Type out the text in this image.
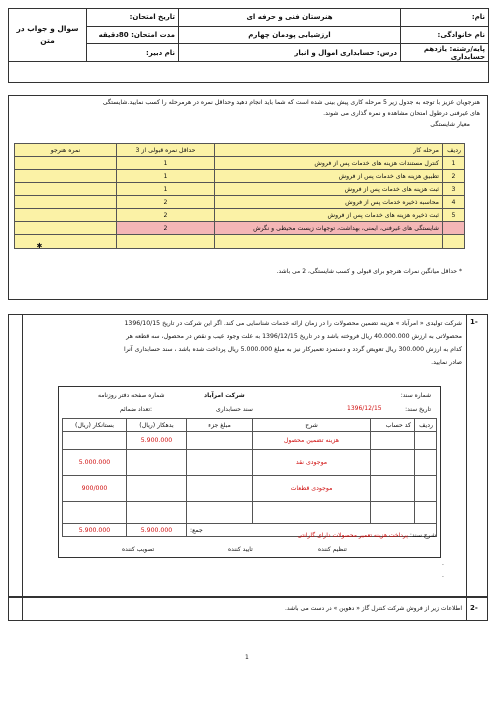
نام:	هنرستان فنی و حرفه ای	تاریخ امتحان:	سوال و جواب در متن
نام خانوادگی:	ارزشیابی پودمان چهارم	مدت امتحان: 80دقیقه	
پایه/رشته: یازدهم حسابداری	درس: حسابداری اموال و انبار	نام دبیر:	

هنرجویان عزیز با توجه به جدول زیر 5 مرحله کاری پیش بینی شده است که شما باید انجام دهید وحداقل نمره در هرمرحله را کسب نمایید.شایستگی
های غیرفنی درطول امتحان مشاهده و نمره گذاری می شوند.
معیار شایستگی
ردیف	مرحله کار	حداقل نمره قبولی از 3	نمره هنرجو
1	کنترل مستندات هزینه های خدمات پس از فروش	1	
2	تطبیق هزینه های خدمات پس از فروش	1	
3	ثبت هزینه های خدمات پس از فروش	1	
4	محاسبه ذخیره خدمات پس از فروش	2	
5	ثبت ذخیره هزینه های خدمات پس از فروش	2	
	شایستگی های غیرفنی، ایمنی، بهداشت، توجهات زیست محیطی و نگرش	2	

			✱
* حداقل میانگین نمرات هنرجو برای قبولی و کسب شایستگی، 2 می باشد.
1-
شرکت تولیدی « امرآباد » هزینه تضمین محصولات را در زمان ارائه خدمات شناسایی می کند. اگر این شرکت در تاریخ 1396/10/15
محصولاتی به ارزش 40.000.000 ریال فروخته باشد و در تاریخ 1396/12/15 به علت وجود عیب و نقص در محصول، سه قطعه هر
کدام به ارزش 300.000 ریال تعویض گردد و دستمزد تعمیرکار نیز به مبلغ 5.000.000 ریال پرداخت شده باشد ، سند حسابداری آنرا
صادر نمایید.
شرکت امرآباد	شماره سند:
شماره صفحه دفتر روزنامه
سند حسابداری	تاریخ سند:
1396/12/15
تعداد ضمائم:
ردیف	کد حساب	شرح	مبلغ جزء	بدهکار (ریال)	بستانکار (ریال)
		هزینه تضمین محصول		5.900.000	
		موجودی نقد			5.000.000
		موجودی قطعات			900/000

جمع:				5.900.000	5.900.000
شرح سند: پرداخت هزینه تعمیر محصولات دارای گارانتی
تنظیم کننده
تایید کننده
تصویب کننده
.
.
2-
اطلاعات زیر از فروش شرکت کنترل گاز « دهوین » در دست می باشد.
1
